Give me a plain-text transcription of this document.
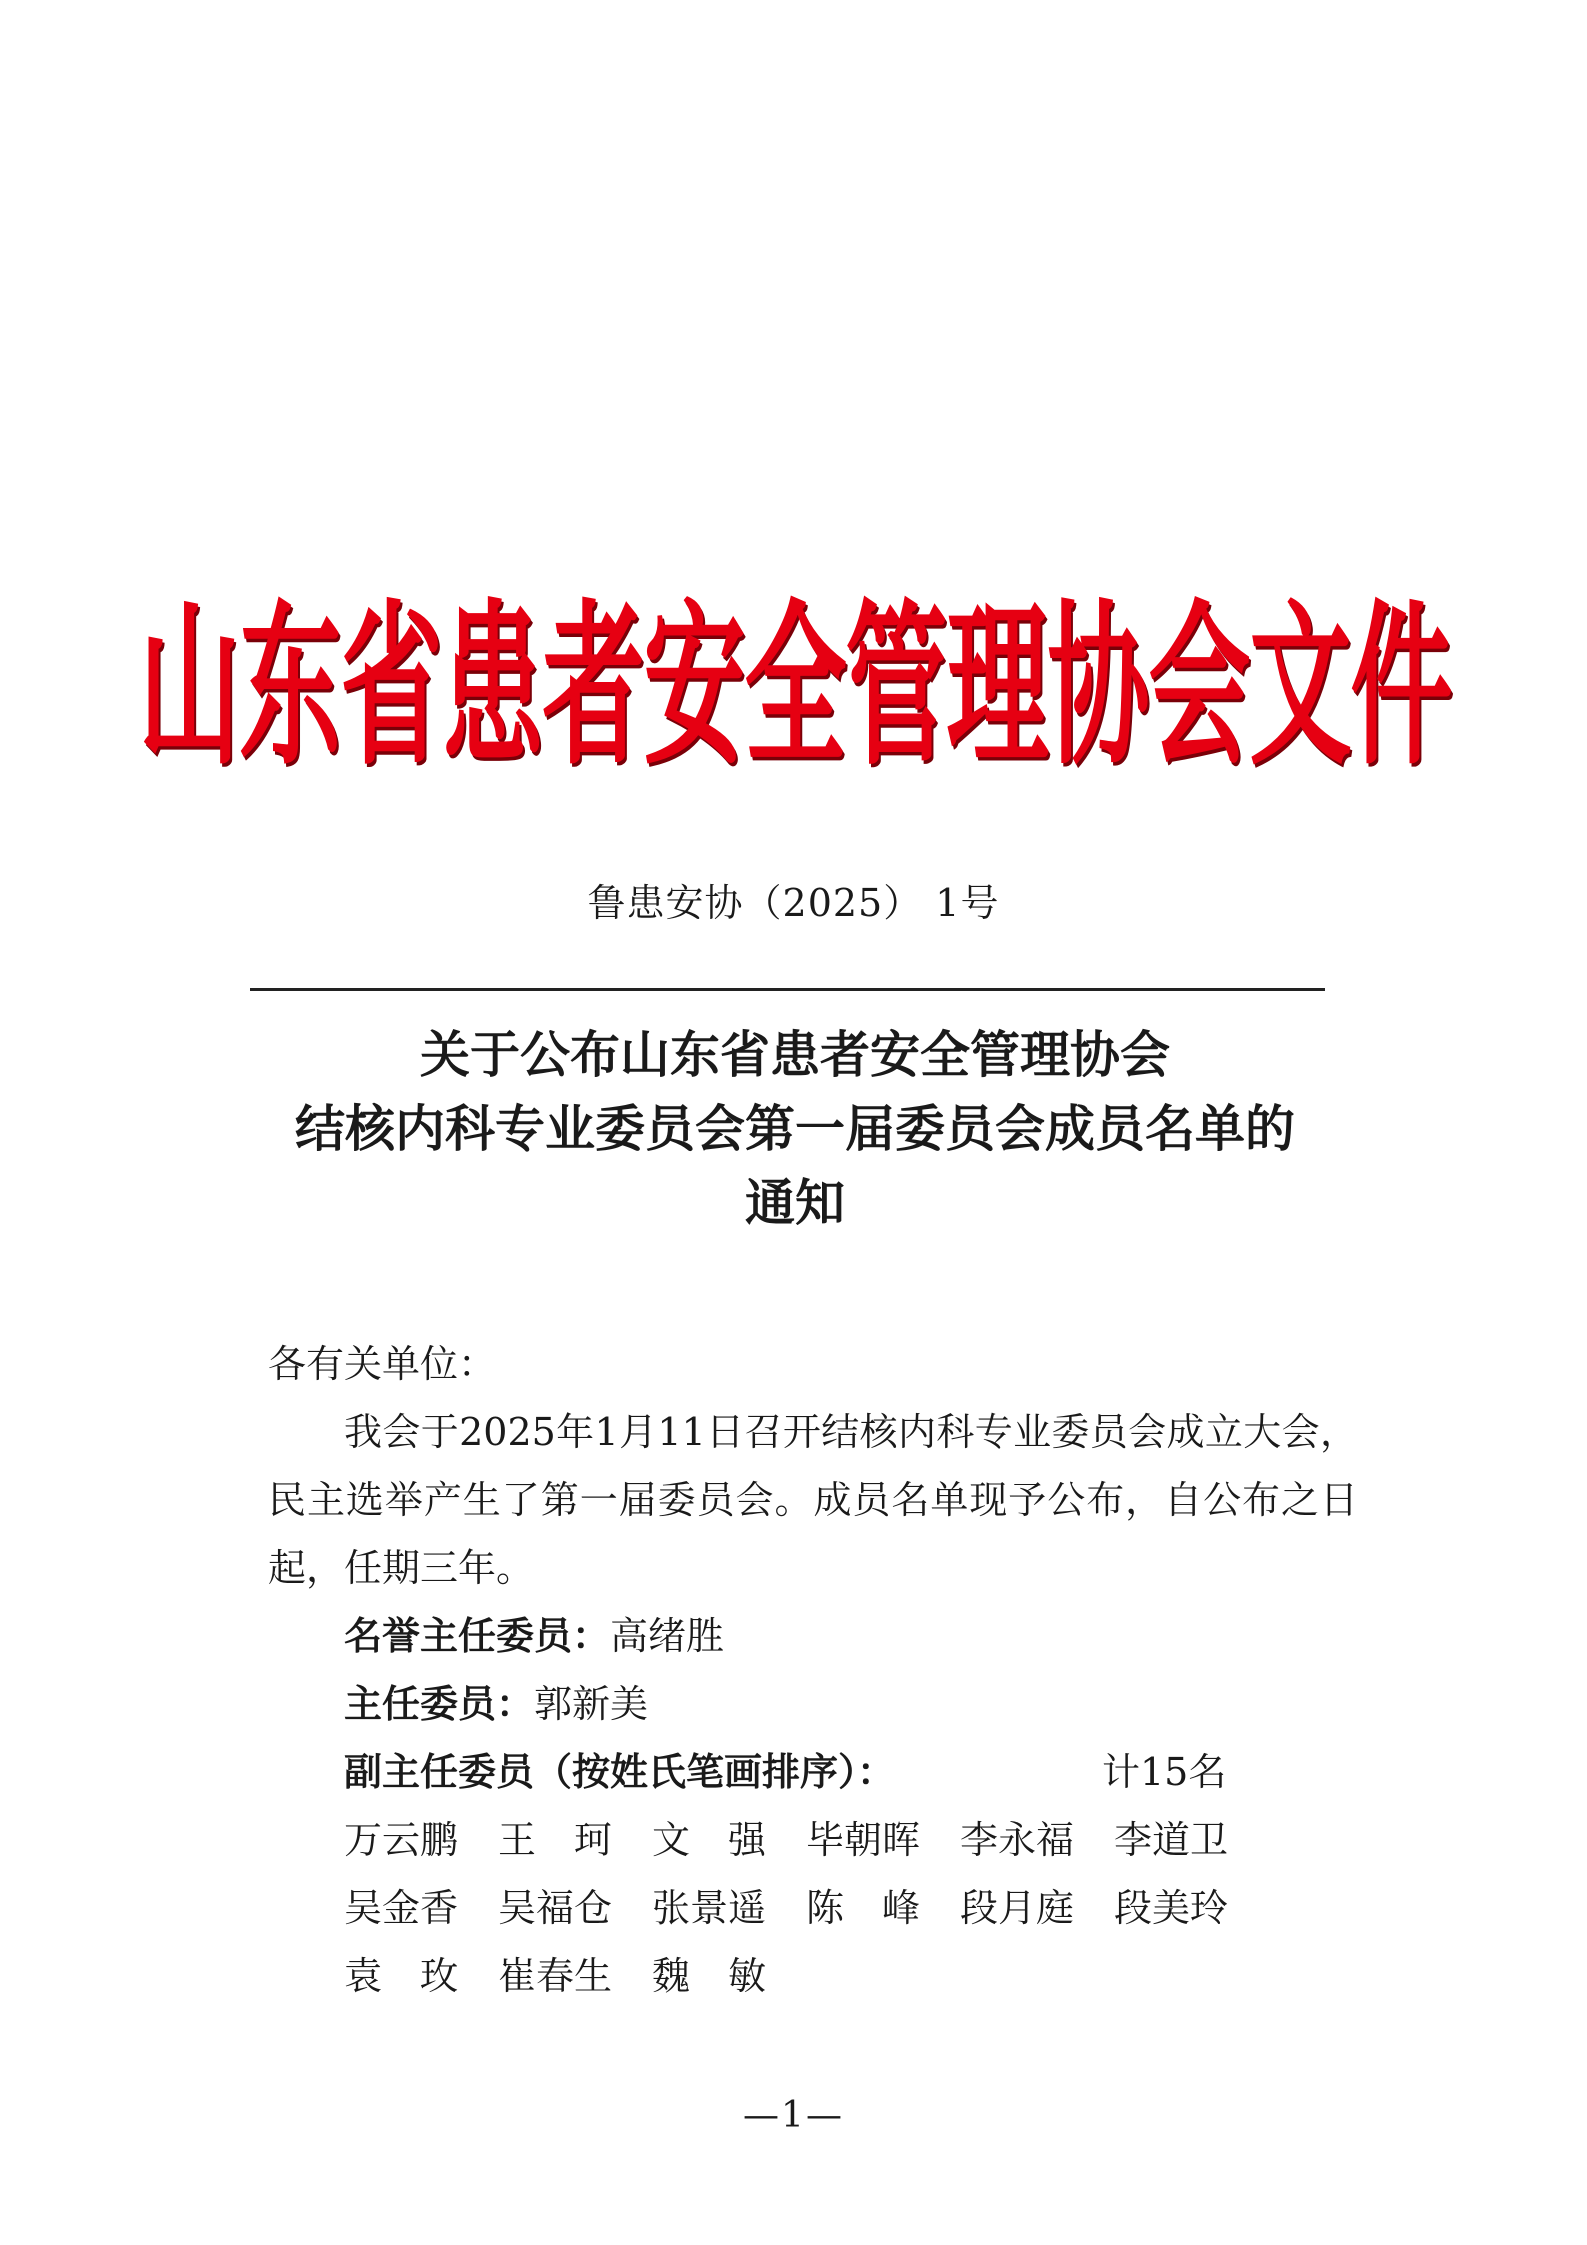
山东省患者安全管理协会文件
鲁患安协（2025） 1号
关于公布山东省患者安全管理协会
结核内科专业委员会第一届委员会成员名单的
通知

各有关单位：

我会于2025年1月11日召开结核内科专业委员会成立大会，民主选举产生了第一届委员会。成员名单现予公布，自公布之日起，任期三年。

名誉主任委员：高绪胜

主任委员：郭新美

副主任委员（按姓氏笔画排序）：	计15名

万云鹏	王　珂	文　强	毕朝晖	李永福	李道卫
吴金香	吴福仓	张景遥	陈　峰	段月庭	段美玲
袁　玫	崔春生	魏　敏
—1—
